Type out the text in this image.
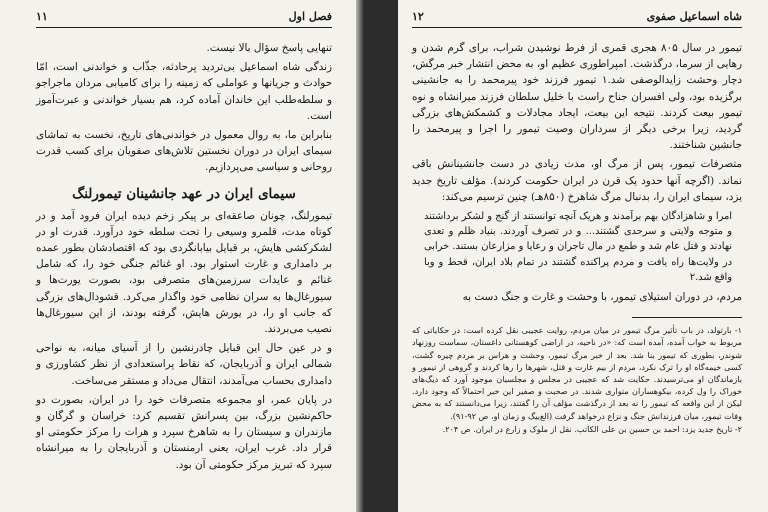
فصل اول
۱۱

تنهایی پاسخ سؤال بالا نیست.

زندگی شاه اسماعیل بی‌تردید پرحادثه، جذّاب و خواندنی است، امّا حوادث و جریانها و عواملی که زمینه را برای کامیابی مردان ماجراجو و سلطه‌طلب این خاندان آماده کرد، هم بسیار خواندنی و عبرت‌آموز است.

بنابراین ما، به روال معمول در خواندنی‌های تاریخ، نخست به تماشای سیمای ایران در دوران نخستین تلاش‌های صفویان برای کسب قدرت روحانی و سیاسی می‌پردازیم.

سیمای ایران در عهد جانشینان تیمورلنگ

تیمورلنگ، چونان صاعقه‌ای بر پیکر زخم دیده ایران فرود آمد و در کوتاه مدت، قلمرو وسیعی را تحت سلطه خود درآورد. قدرت او در لشکرکشی هایش، بر قبایل بیابانگردی بود که اقتصادشان بطور عمده بر دامداری و غارت استوار بود. او غنائم جنگی خود را، که شامل غنائم و عایدات سرزمین‌های متصرفی بود، بصورت یورت‌ها و سیورغال‌ها به سران نظامی خود واگذار می‌کرد. قشودال‌های بزرگی که جانب او را، در یورش هایش، گرفته بودند، از این سیورغال‌ها نصیب می‌بردند.

و در عین حال این قبایل چادرنشین را از آسیای میانه، به نواحی شمالی ایران و آذربایجان، که نقاط پراستعدادی از نظر کشاورزی و دامداری بحساب می‌آمدند، انتقال می‌داد و مستقر می‌ساخت.

در پایان عمر، او مجموعه متصرفات خود را در ایران، بصورت دو حاکم‌نشین بزرگ، بین پسرانش تقسیم کرد: خراسان و گرگان و مازندران و سیستان را به شاهرخ سپرد و هرات را مرکز حکومتی او قرار داد. غرب ایران، یعنی ارمنستان و آذربایجان را به میرانشاه سپرد که تبریز مرکز حکومتی آن بود.

شاه اسماعیل صفوی
۱۲

تیمور در سال ۸۰۵ هجری قمری از فرط نوشیدن شراب، برای گرم شدن و رهایی از سرما، درگذشت. امپراطوری عظیم او، به محض انتشار خبر مرگش، دچار وحشت زایدالوصفی شد.۱ تیمور فرزند خود پیرمحمد را به جانشینی برگزیده بود، ولی افسران جناح راست با خلیل سلطان فرزند میرانشاه و نوه تیمور بیعت کردند. نتیجه این بیعت، ایجاد مجادلات و کشمکش‌های بزرگی گردید، زیرا برخی دیگر از سرداران وصیت تیمور را اجرا و پیرمحمد را جانشین شناختند.

متصرفات تیمور، پس از مرگ او، مدت زیادی در دست جانشینانش باقی نماند. (اگرچه آنها حدود یک قرن در ایران حکومت کردند). مؤلف تاریخ جدید یزد، سیمای ایران را، بدنبال مرگ شاهرخ (۸۵۰هـ) چنین ترسیم می‌کند:

امرا و شاهزادگان بهم برآمدند و هریک آنچه توانستند از گنج و لشکر برداشتند و متوجه ولایتی و سرحدی گشتند... و در تصرف آوردند. بنیاد ظلم و تعدی نهادند و قتل عام شد و طمع در مال تاجران و رعایا و مزارعان بستند. خرابی در ولایت‌ها راه یافت و مردم پراکنده گشتند در تمام بلاد ایران، قحط و وبا واقع شد.۲

مردم، در دوران استیلای تیمور، با وحشت و غارت و جنگ دست به

۱- بارتولد، در باب تأثیر مرگ تیمور در میان مردم، روایت عجیبی نقل کرده است: در حکایاتی که مربوط به خواب آمده، آمده است که: «در ناحیه، در اراضی کوهستانی داغستان، سماست روزنهاد شوندر، بطوری که تیمور بنا شد. بعد از خبر مرگ تیمور، وحشت و هراس بر مردم چیره گشت، کسی خیمه‌گاه او را ترک نکرد، مردم از بیم غارت و قتل، شهرها را رها کردند و گروهی از تیمور و بازماندگان او می‌ترسیدند. حکایت شد که عجیبی در مجلس و مجلسیان موجود آورد که دیگ‌های خوراک را ول کرده، بیکوهساران متواری شدند. در صحبت و صفیر این خبر احتمالاً که وجود دارد. لیکن از این واقعه که تیمور را نه بعد از درگذشت مؤلف آن را گفتند، زیرا می‌دانستند که به محض وفات تیمور، میان فرزندانش جنگ و نزاع درخواهد گرفت (الغ‌بیگ و زمان او، ص ۹۲-۹۱).

۲- تاریخ جدید یزد: احمد بن حسین بن علی الکاتب. نقل از ملوک و زارع در ایران. ص ۲۰۴.
